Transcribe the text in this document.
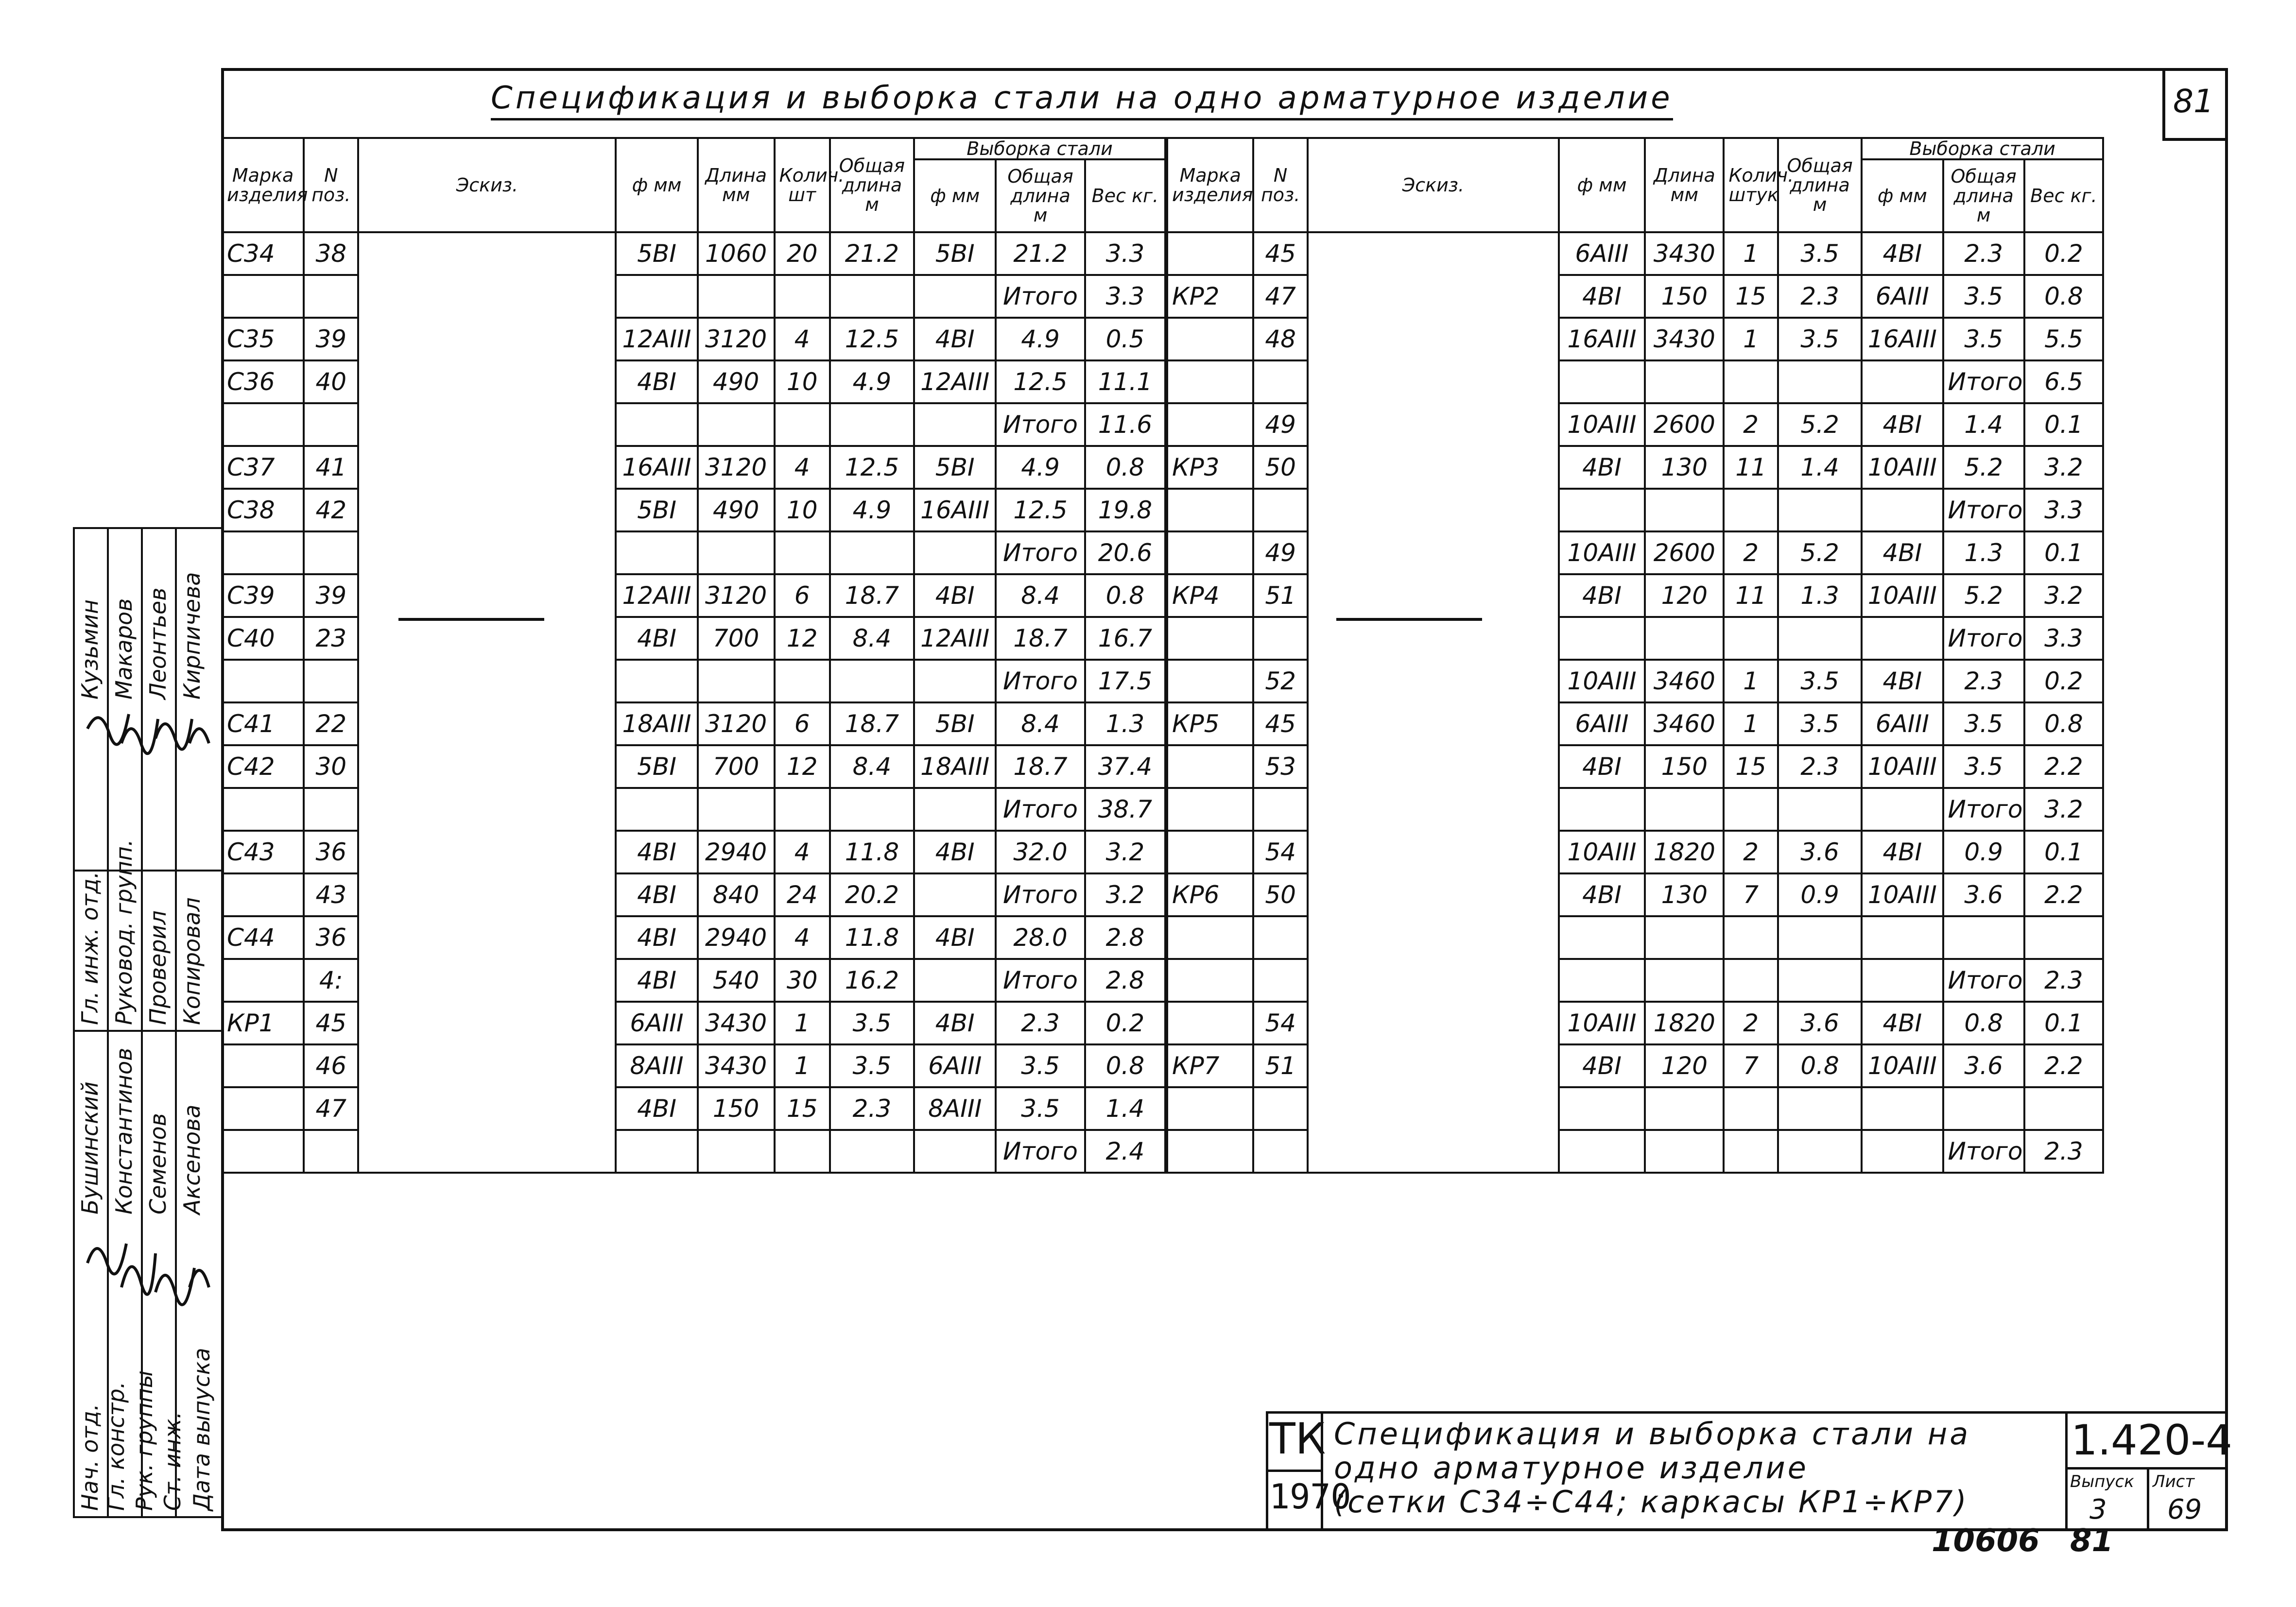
81
Спецификация и выборка стали на одно арматурное изделие
Марка изделия	N поз.	Эскиз.	ф мм	Длина мм	Колич. шт	Общая длина м	Выборка стали		
							ф мм	Общая длина м	Вес кг.
С34	38		5ВI	1060	20	21.2	5ВI	21.2	3.3
								Итого	3.3
С35	39		12АIII	3120	4	12.5	4ВI	4.9	0.5
С36	40		4ВI	490	10	4.9	12АIII	12.5	11.1
								Итого	11.6
С37	41		16АIII	3120	4	12.5	5ВI	4.9	0.8
С38	42		5ВI	490	10	4.9	16АIII	12.5	19.8
								Итого	20.6
С39	39		12АIII	3120	6	18.7	4ВI	8.4	0.8
С40	23		4ВI	700	12	8.4	12АIII	18.7	16.7
								Итого	17.5
С41	22		18АIII	3120	6	18.7	5ВI	8.4	1.3
С42	30		5ВI	700	12	8.4	18АIII	18.7	37.4
								Итого	38.7
С43	36		4ВI	2940	4	11.8	4ВI	32.0	3.2
	43		4ВI	840	24	20.2		Итого	3.2
С44	36		4ВI	2940	4	11.8	4ВI	28.0	2.8
	4:		4ВI	540	30	16.2		Итого	2.8
КР1	45		6АIII	3430	1	3.5	4ВI	2.3	0.2
	46		8АIII	3430	1	3.5	6АIII	3.5	0.8
	47		4ВI	150	15	2.3	8АIII	3.5	1.4
								Итого	2.4
Марка изделия	N поз.	Эскиз.	ф мм	Длина мм	Колич. штук	Общая длина м	Выборка стали		
							ф мм	Общая длина м	Вес кг.
	45		6АIII	3430	1	3.5	4ВI	2.3	0.2
КР2	47		4ВI	150	15	2.3	6АIII	3.5	0.8
	48		16АIII	3430	1	3.5	16АIII	3.5	5.5
								Итого	6.5
	49		10АIII	2600	2	5.2	4ВI	1.4	0.1
КР3	50		4ВI	130	11	1.4	10АIII	5.2	3.2
								Итого	3.3
	49		10АIII	2600	2	5.2	4ВI	1.3	0.1
КР4	51		4ВI	120	11	1.3	10АIII	5.2	3.2
								Итого	3.3
	52		10АIII	3460	1	3.5	4ВI	2.3	0.2
КР5	45		6АIII	3460	1	3.5	6АIII	3.5	0.8
	53		4ВI	150	15	2.3	10АIII	3.5	2.2
								Итого	3.2
	54		10АIII	1820	2	3.6	4ВI	0.9	0.1
КР6	50		4ВI	130	7	0.9	10АIII	3.6	2.2

								Итого	2.3
	54		10АIII	1820	2	3.6	4ВI	0.8	0.1
КР7	51		4ВI	120	7	0.8	10АIII	3.6	2.2

								Итого	2.3
Нач. отд. Гл. констр. Рук. группы Ст. инж. Дата выпуска
Гл. инж. отд. Руковод. групп. Проверил Копировал
Бушинский Константинов Семенов Аксенова
Кузьмин Макаров Леонтьев Кирпичева
ТК
1970
Спецификация и выборка стали на
одно арматурное изделие
(сетки С34÷С44; каркасы КР1÷КР7)
1.420-4
Выпуск Лист
3 69
10606 81
